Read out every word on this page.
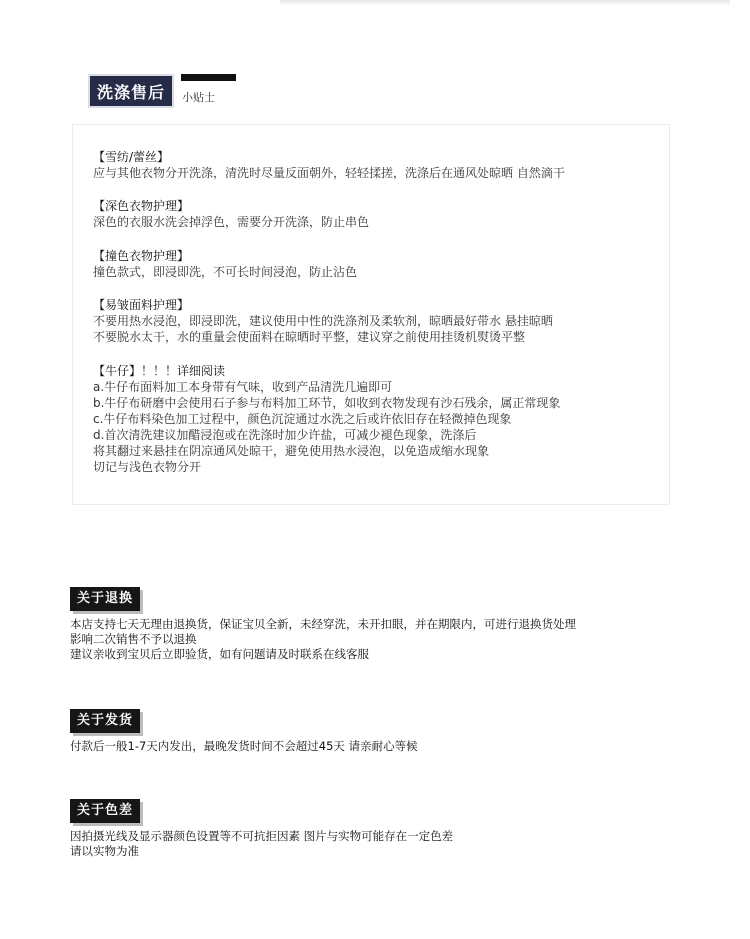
洗涤售后	小贴士
【雪纺/蕾丝】
应与其他衣物分开洗涤，清洗时尽量反面朝外，轻轻揉搓，洗涤后在通风处晾晒 自然滴干
【深色衣物护理】
深色的衣服水洗会掉浮色，需要分开洗涤，防止串色
【撞色衣物护理】
撞色款式，即浸即洗，不可长时间浸泡，防止沾色
【易皱面料护理】
不要用热水浸泡，即浸即洗，建议使用中性的洗涤剂及柔软剂，晾晒最好带水 悬挂晾晒
不要脱水太干，水的重量会使面料在晾晒时平整，建议穿之前使用挂烫机熨烫平整
【牛仔】！！！详细阅读
a.牛仔布面料加工本身带有气味，收到产品清洗几遍即可
b.牛仔布研磨中会使用石子参与布料加工环节，如收到衣物发现有沙石残余，属正常现象
c.牛仔布料染色加工过程中，颜色沉淀通过水洗之后或许依旧存在轻微掉色现象
d.首次清洗建议加醋浸泡或在洗涤时加少许盐，可减少褪色现象，洗涤后
将其翻过来悬挂在阴凉通风处晾干，避免使用热水浸泡，以免造成缩水现象
切记与浅色衣物分开
关于退换
本店支持七天无理由退换货，保证宝贝全新，未经穿洗，未开扣眼，并在期限内，可进行退换货处理
影响二次销售不予以退换
建议亲收到宝贝后立即验货，如有问题请及时联系在线客服
关于发货
付款后一般1-7天内发出，最晚发货时间不会超过45天 请亲耐心等候
关于色差
因拍摄光线及显示器颜色设置等不可抗拒因素 图片与实物可能存在一定色差
请以实物为准
